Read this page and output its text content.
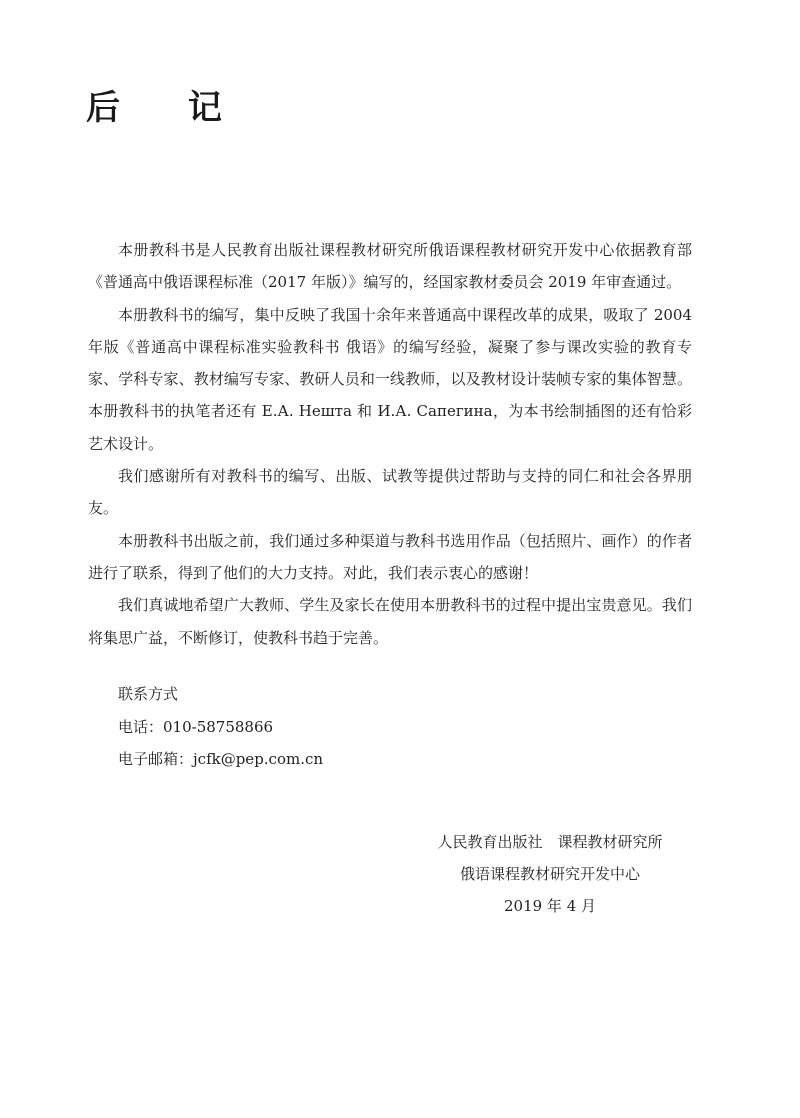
后 记

本册教科书是人民教育出版社课程教材研究所俄语课程教材研究开发中心依据教育部《普通高中俄语课程标准（2017 年版）》编写的，经国家教材委员会 2019 年审查通过。

本册教科书的编写，集中反映了我国十余年来普通高中课程改革的成果，吸取了 2004 年版《普通高中课程标准实验教科书 俄语》的编写经验，凝聚了参与课改实验的教育专家、学科专家、教材编写专家、教研人员和一线教师，以及教材设计装帧专家的集体智慧。本册教科书的执笔者还有 Е.А. Нешта 和 И.А. Сапегина，为本书绘制插图的还有恰彩艺术设计。

我们感谢所有对教科书的编写、出版、试教等提供过帮助与支持的同仁和社会各界朋友。

本册教科书出版之前，我们通过多种渠道与教科书选用作品（包括照片、画作）的作者进行了联系，得到了他们的大力支持。对此，我们表示衷心的感谢！

我们真诚地希望广大教师、学生及家长在使用本册教科书的过程中提出宝贵意见。我们将集思广益，不断修订，使教科书趋于完善。

联系方式
电话： 010-58758866
电子邮箱： jcfk@pep.com.cn
人民教育出版社　课程教材研究所
俄语课程教材研究开发中心
2019 年 4 月
